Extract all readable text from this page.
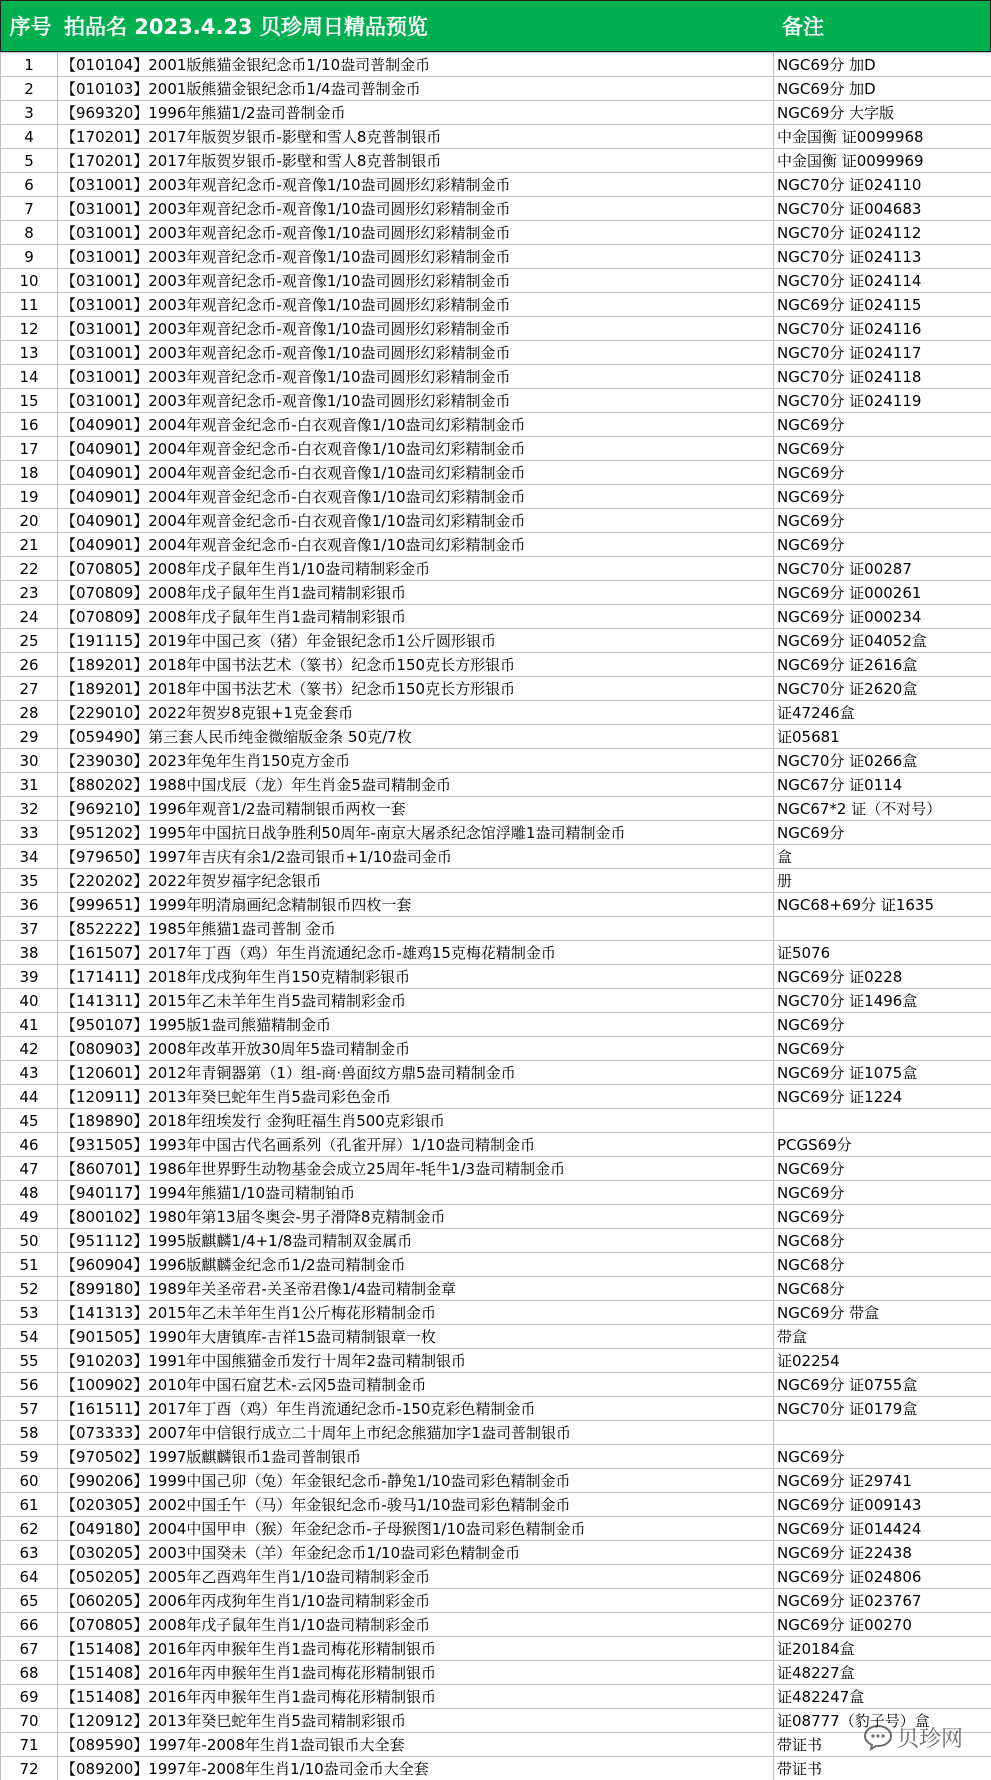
序号 拍品名 2023.4.23 贝珍周日精品预览	备注
1	【010104】2001版熊猫金银纪念币1/10盎司普制金币	NGC69分 加D
2	【010103】2001版熊猫金银纪念币1/4盎司普制金币	NGC69分 加D
3	【969320】1996年熊猫1/2盎司普制金币	NGC69分 大字版
4	【170201】2017年版贺岁银币-影壁和雪人8克普制银币	中金国衡 证0099968
5	【170201】2017年版贺岁银币-影壁和雪人8克普制银币	中金国衡 证0099969
6	【031001】2003年观音纪念币-观音像1/10盎司圆形幻彩精制金币	NGC70分 证024110
7	【031001】2003年观音纪念币-观音像1/10盎司圆形幻彩精制金币	NGC70分 证004683
8	【031001】2003年观音纪念币-观音像1/10盎司圆形幻彩精制金币	NGC70分 证024112
9	【031001】2003年观音纪念币-观音像1/10盎司圆形幻彩精制金币	NGC70分 证024113
10	【031001】2003年观音纪念币-观音像1/10盎司圆形幻彩精制金币	NGC70分 证024114
11	【031001】2003年观音纪念币-观音像1/10盎司圆形幻彩精制金币	NGC69分 证024115
12	【031001】2003年观音纪念币-观音像1/10盎司圆形幻彩精制金币	NGC70分 证024116
13	【031001】2003年观音纪念币-观音像1/10盎司圆形幻彩精制金币	NGC70分 证024117
14	【031001】2003年观音纪念币-观音像1/10盎司圆形幻彩精制金币	NGC70分 证024118
15	【031001】2003年观音纪念币-观音像1/10盎司圆形幻彩精制金币	NGC70分 证024119
16	【040901】2004年观音金纪念币-白衣观音像1/10盎司幻彩精制金币	NGC69分
17	【040901】2004年观音金纪念币-白衣观音像1/10盎司幻彩精制金币	NGC69分
18	【040901】2004年观音金纪念币-白衣观音像1/10盎司幻彩精制金币	NGC69分
19	【040901】2004年观音金纪念币-白衣观音像1/10盎司幻彩精制金币	NGC69分
20	【040901】2004年观音金纪念币-白衣观音像1/10盎司幻彩精制金币	NGC69分
21	【040901】2004年观音金纪念币-白衣观音像1/10盎司幻彩精制金币	NGC69分
22	【070805】2008年戊子鼠年生肖1/10盎司精制彩金币	NGC70分 证00287
23	【070809】2008年戊子鼠年生肖1盎司精制彩银币	NGC69分 证000261
24	【070809】2008年戊子鼠年生肖1盎司精制彩银币	NGC69分 证000234
25	【191115】2019年中国己亥（猪）年金银纪念币1公斤圆形银币	NGC69分 证04052盒
26	【189201】2018年中国书法艺术（篆书）纪念币150克长方形银币	NGC69分 证2616盒
27	【189201】2018年中国书法艺术（篆书）纪念币150克长方形银币	NGC70分 证2620盒
28	【229010】2022年贺岁8克银+1克金套币	证47246盒
29	【059490】第三套人民币纯金微缩版金条 50克/7枚	证05681
30	【239030】2023年兔年生肖150克方金币	NGC70分 证0266盒
31	【880202】1988中国戊辰（龙）年生肖金5盎司精制金币	NGC67分 证0114
32	【969210】1996年观音1/2盎司精制银币两枚一套	NGC67*2 证（不对号）
33	【951202】1995年中国抗日战争胜利50周年-南京大屠杀纪念馆浮雕1盎司精制金币	NGC69分
34	【979650】1997年吉庆有余1/2盎司银币+1/10盎司金币	盒
35	【220202】2022年贺岁福字纪念银币	册
36	【999651】1999年明清扇画纪念精制银币四枚一套	NGC68+69分 证1635
37	【852222】1985年熊猫1盎司普制 金币	
38	【161507】2017年丁酉（鸡）年生肖流通纪念币-雄鸡15克梅花精制金币	证5076
39	【171411】2018年戊戌狗年生肖150克精制彩银币	NGC69分 证0228
40	【141311】2015年乙未羊年生肖5盎司精制彩金币	NGC70分 证1496盒
41	【950107】1995版1盎司熊猫精制金币	NGC69分
42	【080903】2008年改革开放30周年5盎司精制金币	NGC69分
43	【120601】2012年青铜器第（1）组-商·兽面纹方鼎5盎司精制金币	NGC69分 证1075盒
44	【120911】2013年癸巳蛇年生肖5盎司彩色金币	NGC69分 证1224
45	【189890】2018年纽埃发行 金狗旺福生肖500克彩银币	
46	【931505】1993年中国古代名画系列（孔雀开屏）1/10盎司精制金币	PCGS69分
47	【860701】1986年世界野生动物基金会成立25周年-牦牛1/3盎司精制金币	NGC69分
48	【940117】1994年熊猫1/10盎司精制铂币	NGC69分
49	【800102】1980年第13届冬奥会-男子滑降8克精制金币	NGC69分
50	【951112】1995版麒麟1/4+1/8盎司精制双金属币	NGC68分
51	【960904】1996版麒麟金纪念币1/2盎司精制金币	NGC68分
52	【899180】1989年关圣帝君-关圣帝君像1/4盎司精制金章	NGC68分
53	【141313】2015年乙未羊年生肖1公斤梅花形精制金币	NGC69分 带盒
54	【901505】1990年大唐镇库-吉祥15盎司精制银章一枚	带盒
55	【910203】1991年中国熊猫金币发行十周年2盎司精制银币	证02254
56	【100902】2010年中国石窟艺术-云冈5盎司精制金币	NGC69分 证0755盒
57	【161511】2017年丁酉（鸡）年生肖流通纪念币-150克彩色精制金币	NGC70分 证0179盒
58	【073333】2007年中信银行成立二十周年上市纪念熊猫加字1盎司普制银币	
59	【970502】1997版麒麟银币1盎司普制银币	NGC69分
60	【990206】1999中国己卯（兔）年金银纪念币-静兔1/10盎司彩色精制金币	NGC69分 证29741
61	【020305】2002中国壬午（马）年金银纪念币-骏马1/10盎司彩色精制金币	NGC69分 证009143
62	【049180】2004中国甲申（猴）年金纪念币-子母猴图1/10盎司彩色精制金币	NGC69分 证014424
63	【030205】2003中国癸未（羊）年金纪念币1/10盎司彩色精制金币	NGC69分 证22438
64	【050205】2005年乙酉鸡年生肖1/10盎司精制彩金币	NGC69分 证024806
65	【060205】2006年丙戌狗年生肖1/10盎司精制彩金币	NGC69分 证023767
66	【070805】2008年戊子鼠年生肖1/10盎司精制彩金币	NGC69分 证00270
67	【151408】2016年丙申猴年生肖1盎司梅花形精制银币	证20184盒
68	【151408】2016年丙申猴年生肖1盎司梅花形精制银币	证48227盒
69	【151408】2016年丙申猴年生肖1盎司梅花形精制银币	证482247盒
70	【120912】2013年癸巳蛇年生肖5盎司精制彩银币	证08777（豹子号）盒
71	【089590】1997年-2008年生肖1盎司银币大全套	带证书
72	【089200】1997年-2008年生肖1/10盎司金币大全套	带证书
贝珍网
